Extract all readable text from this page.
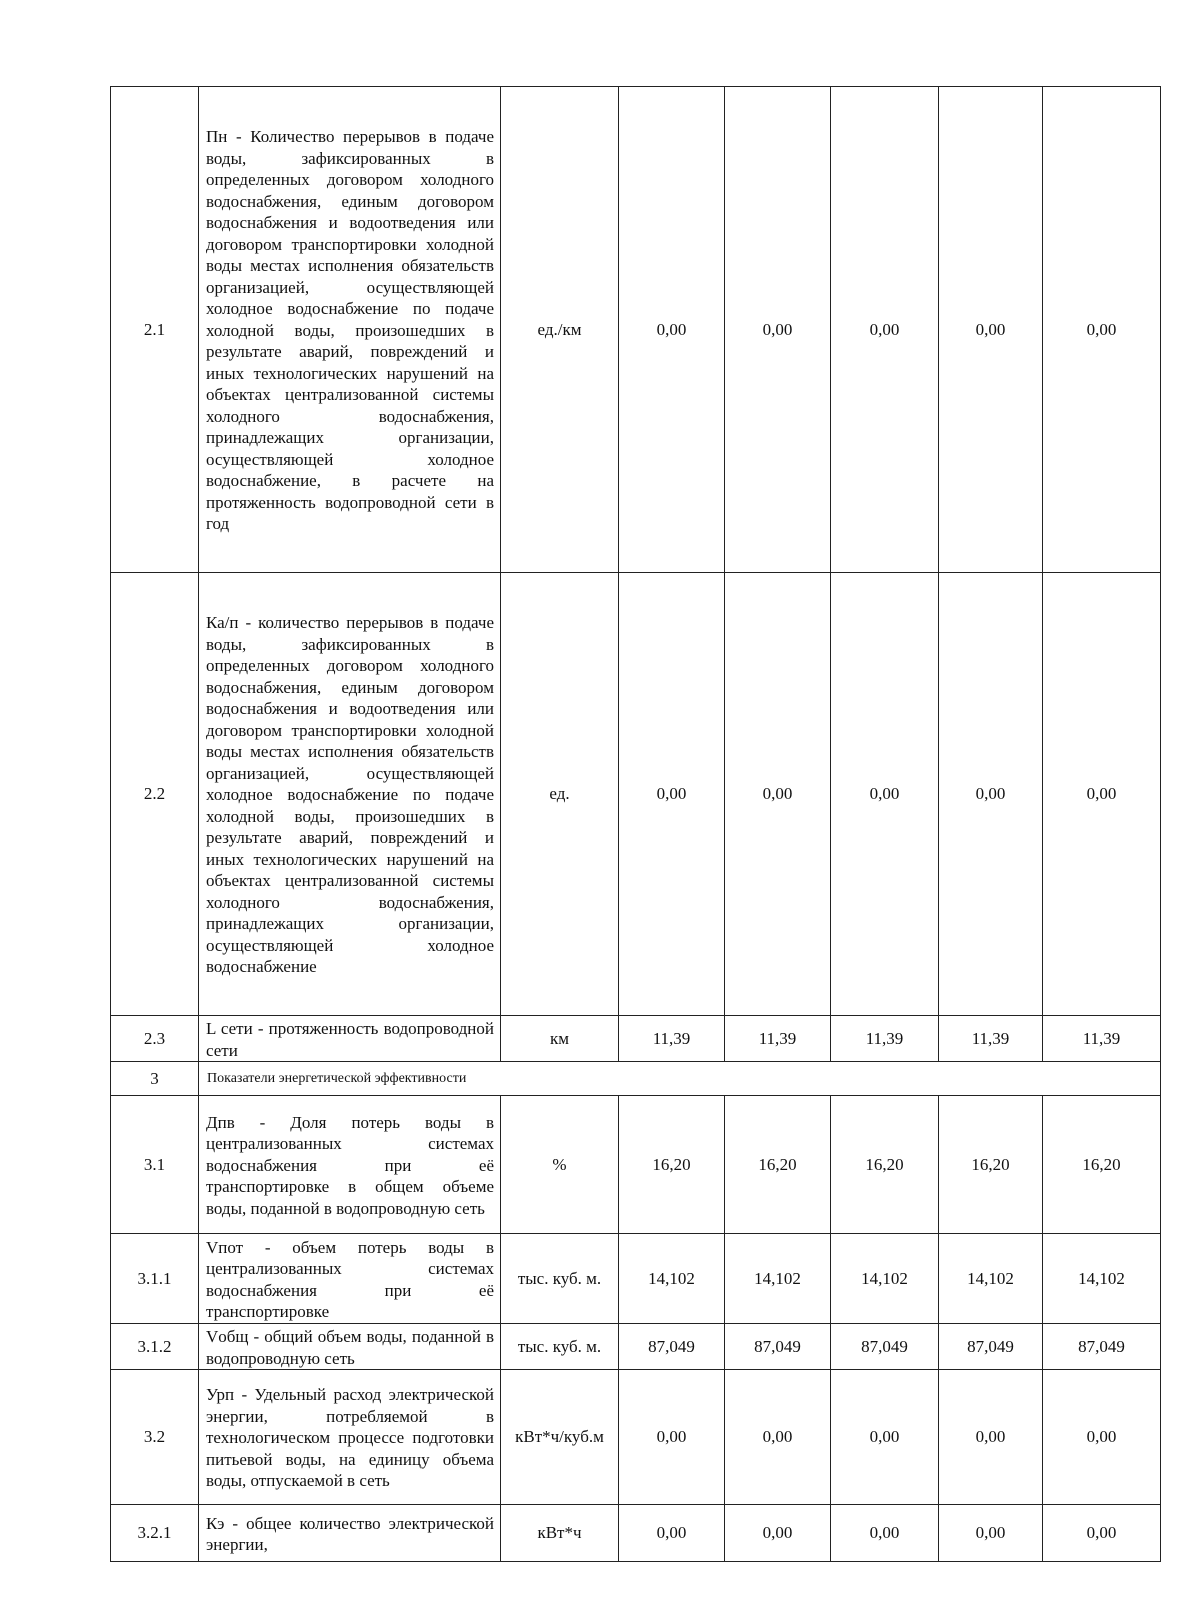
2.1	Пн - Количество перерывов в подаче воды, зафиксированных в определенных договором холодного водоснабжения, единым договором водоснабжения и водоотведения или договором транспортировки холодной воды местах исполнения обязательств организацией, осуществляющей холодное водоснабжение по подаче холодной воды, произошедших в результате аварий, повреждений и иных технологических нарушений на объектах централизованной системы холодного водоснабжения, принадлежащих организации, осуществляющей холодное водоснабжение, в расчете на протяженность водопроводной сети в год	ед./км	0,00	0,00	0,00	0,00	0,00
2.2	Ка/п - количество перерывов в подаче воды, зафиксированных в определенных договором холодного водоснабжения, единым договором водоснабжения и водоотведения или договором транспортировки холодной воды местах исполнения обязательств организацией, осуществляющей холодное водоснабжение по подаче холодной воды, произошедших в результате аварий, повреждений и иных технологических нарушений на объектах централизованной системы холодного водоснабжения, принадлежащих организации, осуществляющей холодное водоснабжение	ед.	0,00	0,00	0,00	0,00	0,00
2.3	L сети - протяженность водопроводной сети	км	11,39	11,39	11,39	11,39	11,39
3	Показатели энергетической эффективности						
3.1	Дпв - Доля потерь воды в централизованных системах водоснабжения при её транспортировке в общем объеме воды, поданной в водопроводную сеть	%	16,20	16,20	16,20	16,20	16,20
3.1.1	Vпот - объем потерь воды в централизованных системах водоснабжения при её транспортировке	тыс. куб. м.	14,102	14,102	14,102	14,102	14,102
3.1.2	Vобщ - общий объем воды, поданной в водопроводную сеть	тыс. куб. м.	87,049	87,049	87,049	87,049	87,049
3.2	Урп - Удельный расход электрической энергии, потребляемой в технологическом процессе подготовки питьевой воды, на единицу объема воды, отпускаемой в сеть	кВт*ч/куб.м	0,00	0,00	0,00	0,00	0,00
3.2.1	Кэ - общее количество электрической энергии,	кВт*ч	0,00	0,00	0,00	0,00	0,00
